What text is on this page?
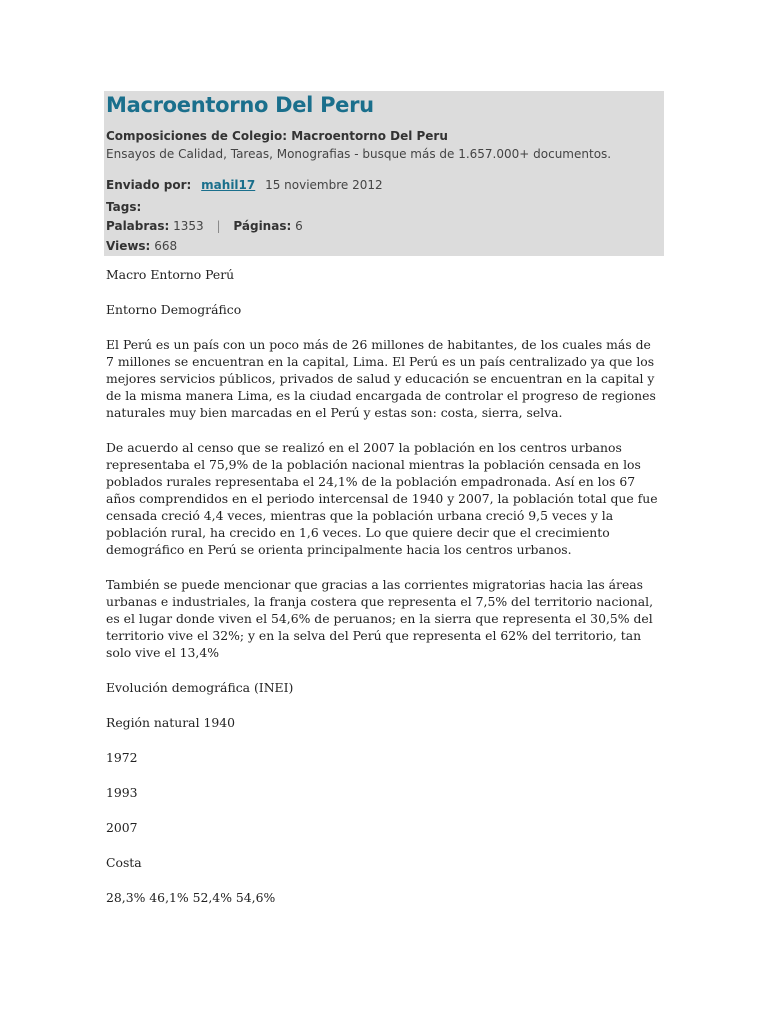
Macroentorno Del Peru
Composiciones de Colegio: Macroentorno Del Peru
Ensayos de Calidad, Tareas, Monografias - busque más de 1.657.000+ documentos.
Enviado por: mahil17 15 noviembre 2012
Tags:
Palabras: 1353 | Páginas: 6
Views: 668

Macro Entorno Perú

Entorno Demográfico

El Perú es un país con un poco más de 26 millones de habitantes, de los cuales más de

7 millones se encuentran en la capital, Lima. El Perú es un país centralizado ya que los

mejores servicios públicos, privados de salud y educación se encuentran en la capital y

de la misma manera Lima, es la ciudad encargada de controlar el progreso de regiones

naturales muy bien marcadas en el Perú y estas son: costa, sierra, selva.

De acuerdo al censo que se realizó en el 2007 la población en los centros urbanos

representaba el 75,9% de la población nacional mientras la población censada en los

poblados rurales representaba el 24,1% de la población empadronada. Así en los 67

años comprendidos en el periodo intercensal de 1940 y 2007, la población total que fue

censada creció 4,4 veces, mientras que la población urbana creció 9,5 veces y la

población rural, ha crecido en 1,6 veces. Lo que quiere decir que el crecimiento

demográfico en Perú se orienta principalmente hacia los centros urbanos.

También se puede mencionar que gracias a las corrientes migratorias hacia las áreas

urbanas e industriales, la franja costera que representa el 7,5% del territorio nacional,

es el lugar donde viven el 54,6% de peruanos; en la sierra que representa el 30,5% del

territorio vive el 32%; y en la selva del Perú que representa el 62% del territorio, tan

solo vive el 13,4%

Evolución demográfica (INEI)

Región natural 1940

1972

1993

2007

Costa

28,3% 46,1% 52,4% 54,6%
